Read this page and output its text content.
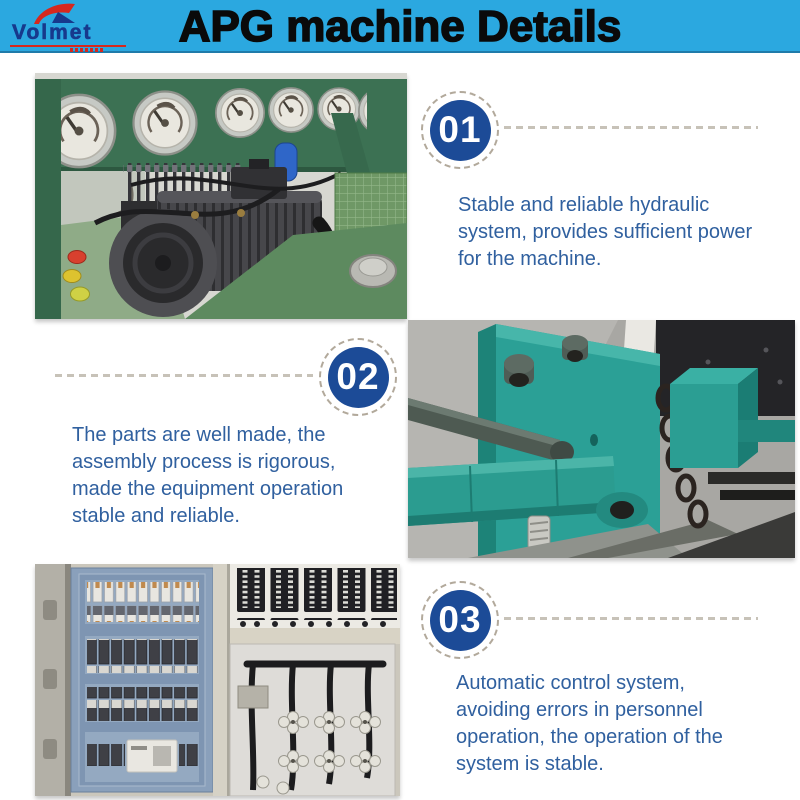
Volmet	APG machine Details
01
02
03
Stable and reliable hydraulic
system, provides sufficient power
for the machine.
The parts are well made, the
assembly process is rigorous,
made the equipment operation
stable and reliable.
Automatic control system,
avoiding errors in personnel
operation, the operation of the
system is stable.
